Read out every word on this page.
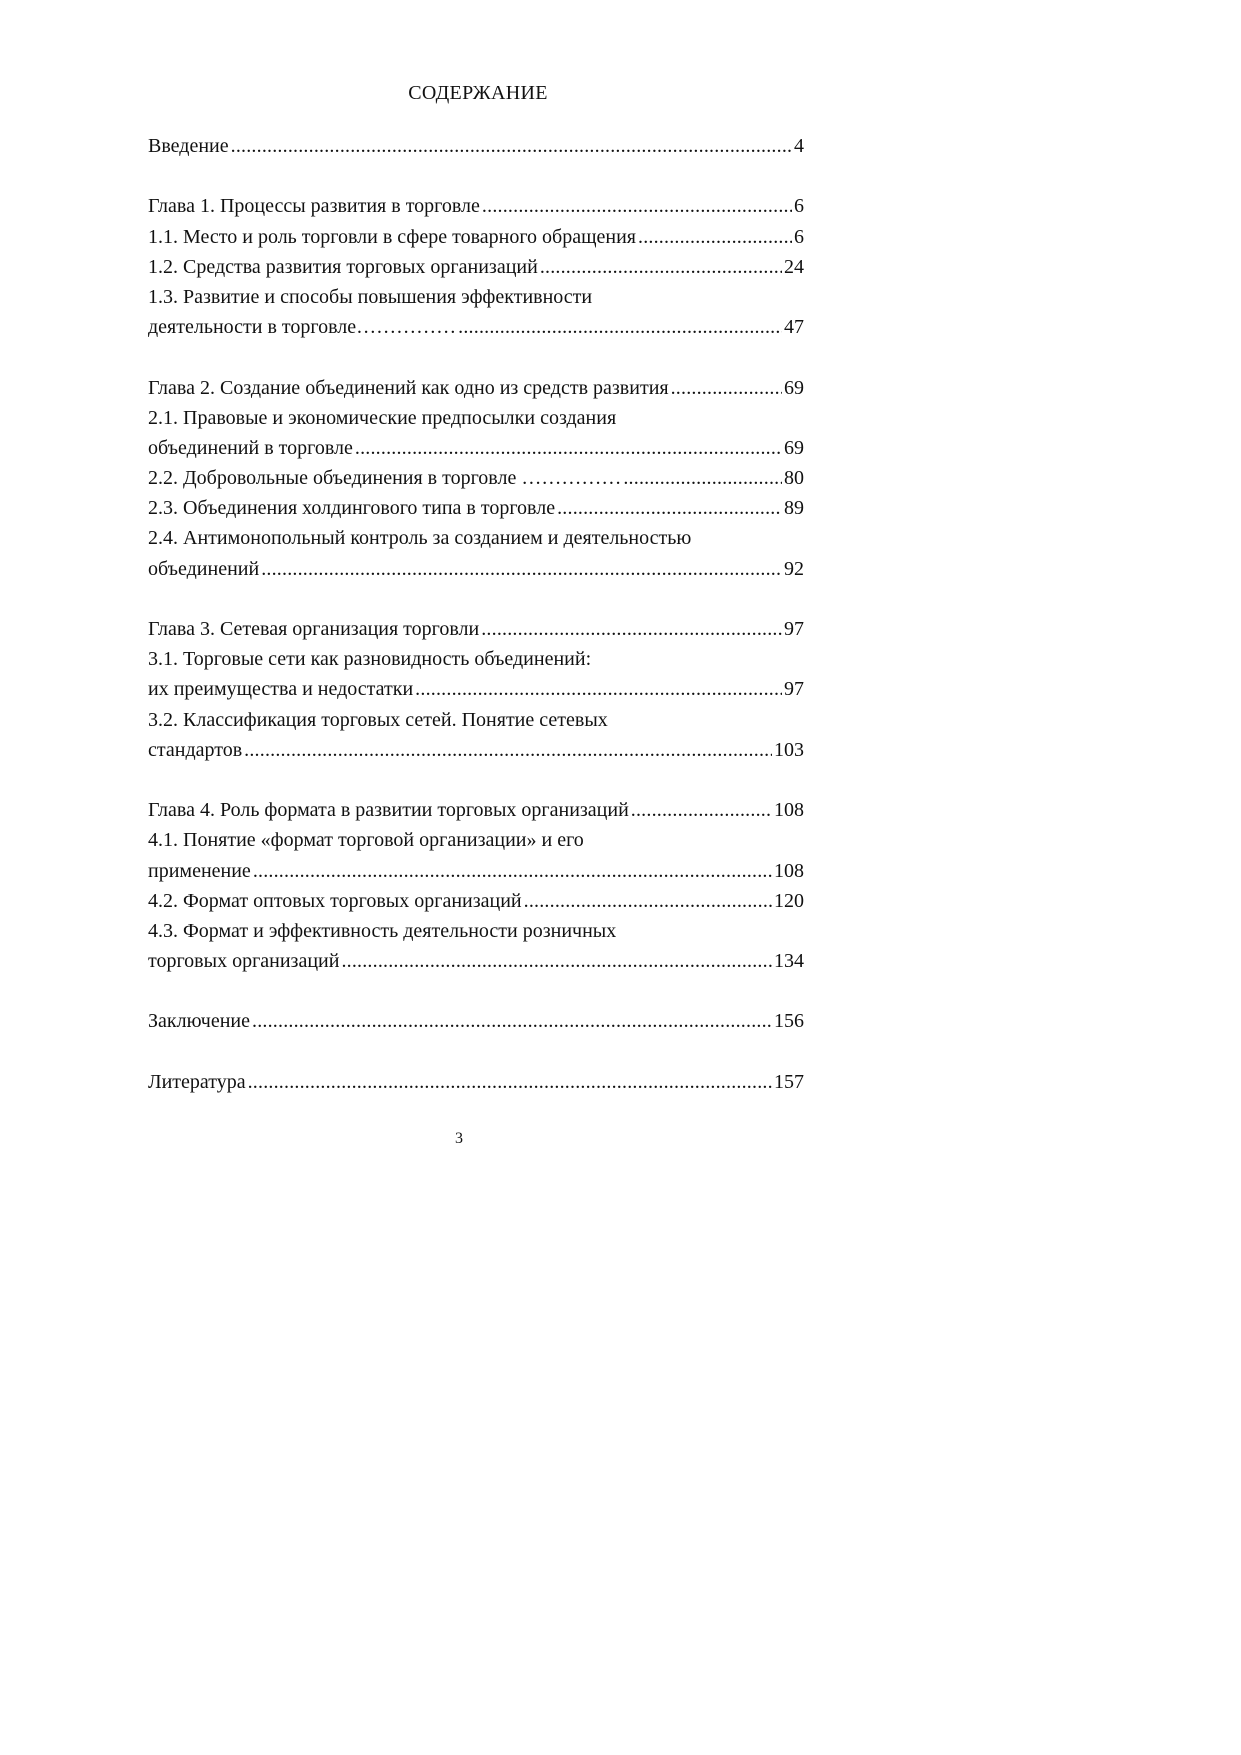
СОДЕРЖАНИЕ
Введение .....	4
Глава 1. Процессы развития в торговле .....	6
1.1. Место и роль торговли в сфере товарного обращения .....	6
1.2. Средства развития торговых организаций .....	24
1.3. Развитие и способы повышения эффективности
деятельности в торговле…………… .....	47
Глава 2. Создание объединений как одно из средств развития .....	69
2.1. Правовые и экономические предпосылки создания
объединений в торговле .....	69
2.2. Добровольные объединения в торговле …………… .....	80
2.3. Объединения холдингового типа в торговле .....	89
2.4. Антимонопольный контроль за созданием и деятельностью
объединений .....	92
Глава 3. Сетевая организация торговли .....	97
3.1. Торговые сети как разновидность объединений:
их преимущества и недостатки .....	97
3.2. Классификация торговых сетей. Понятие сетевых
стандартов .....	103
Глава 4. Роль формата в развитии торговых организаций .....	108
4.1. Понятие «формат торговой организации» и его
применение .....	108
4.2. Формат оптовых торговых организаций .....	120
4.3. Формат и эффективность деятельности розничных
торговых организаций .....	134
Заключение .....	156
Литература .....	157
3
